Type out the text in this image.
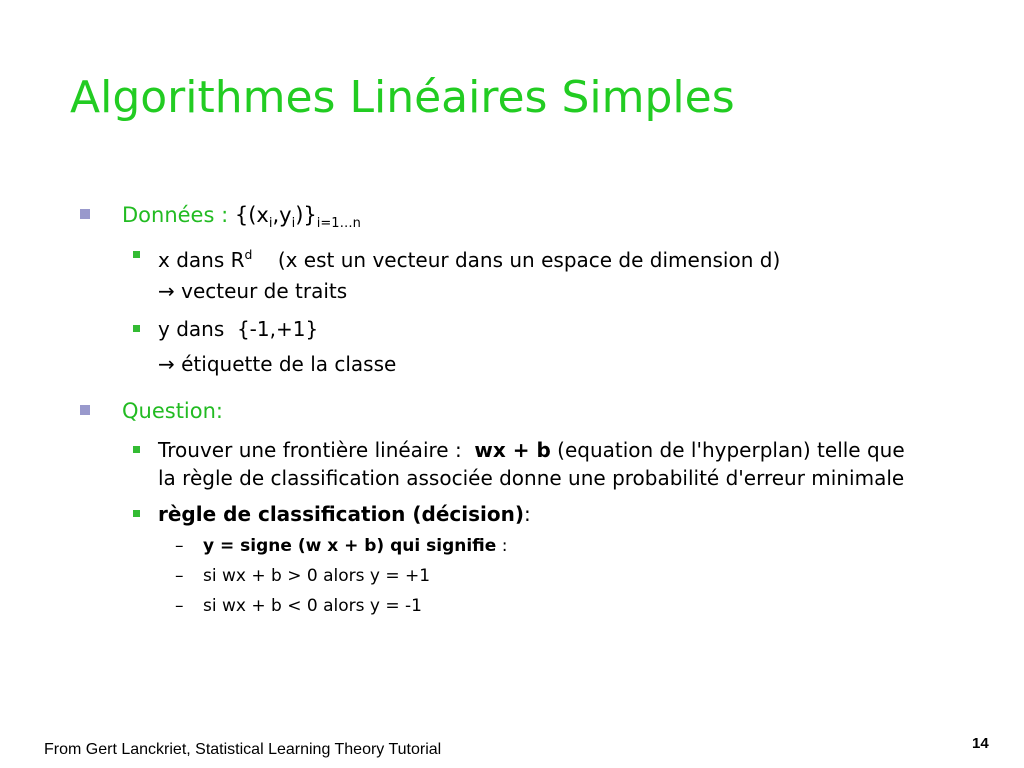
Algorithmes Linéaires Simples
Données : $\{(x_i,y_i)\}_{i=1\dots n}$
x dans $R^d$ (x est un vecteur dans un espace de dimension d)
→ vecteur de traits
y dans  {-1,+1}
→ étiquette de la classe
Question:
Trouver une frontière linéaire : wx + b (equation de l'hyperplan) telle que
la règle de classification associée donne une probabilité d'erreur minimale
règle de classification (décision):
– y = signe (w x + b) qui signifie :
– si wx + b > 0 alors y = +1
– si wx + b < 0 alors y = -1
From Gert Lanckriet, Statistical Learning Theory Tutorial	14
